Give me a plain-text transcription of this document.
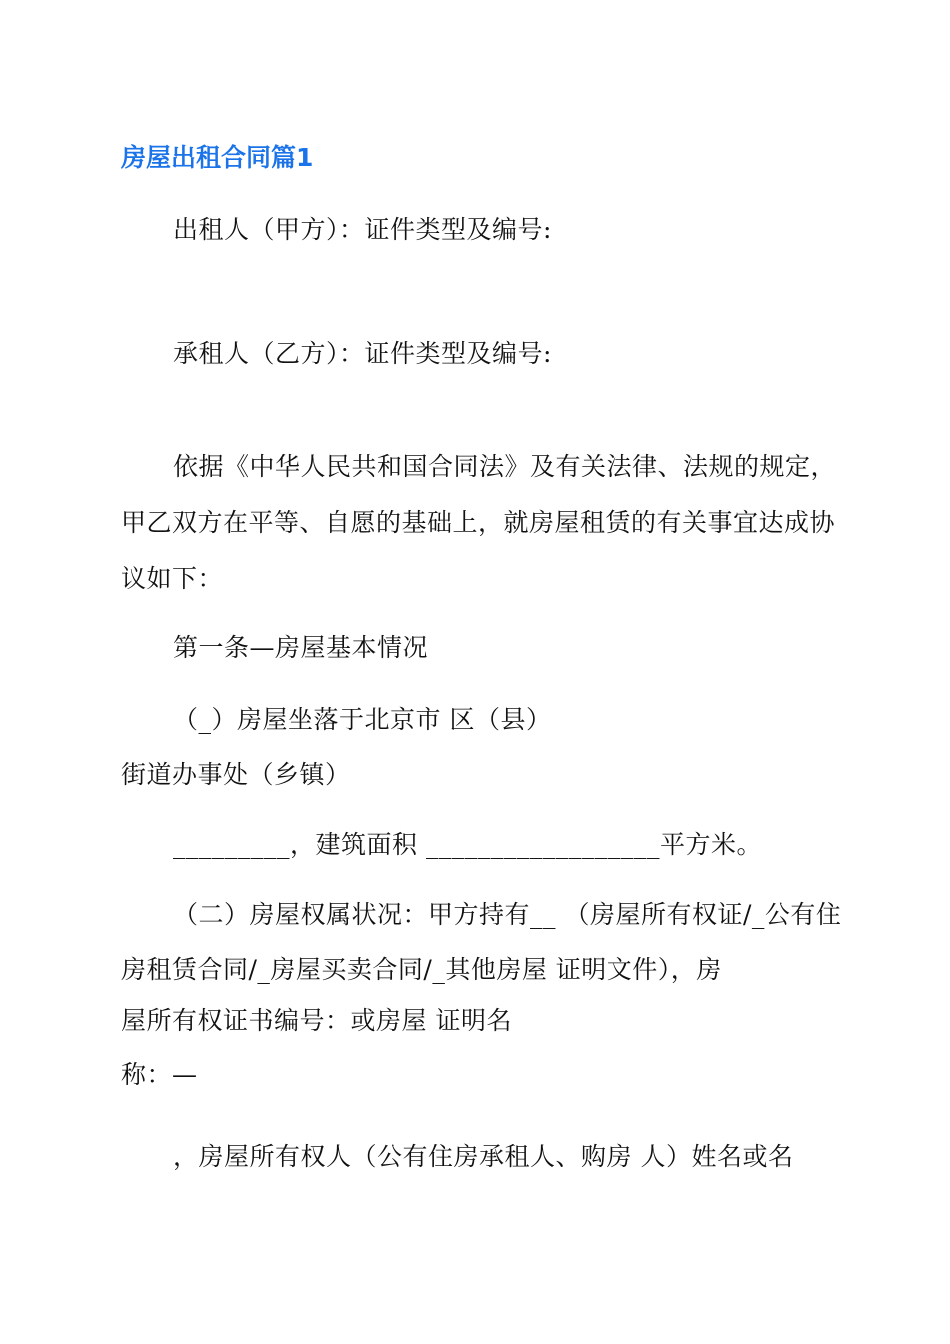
房屋出租合同篇1
出租人（甲方）：证件类型及编号:
承租人（乙方）：证件类型及编号:
依据《中华人民共和国合同法》及有关法律、法规的规定，
甲乙双方在平等、自愿的基础上，就房屋租赁的有关事宜达成协
议如下：
第一条—房屋基本情况
（_）房屋坐落于北京市 区（县）
街道办事处（乡镇）
_________，建筑面积 __________________平方米。
（二）房屋权属状况：甲方持有__ （房屋所有权证/_公有住
房租赁合同/_房屋买卖合同/_其他房屋 证明文件），房
屋所有权证书编号：或房屋 证明名
称：—
，房屋所有权人（公有住房承租人、购房 人）姓名或名
